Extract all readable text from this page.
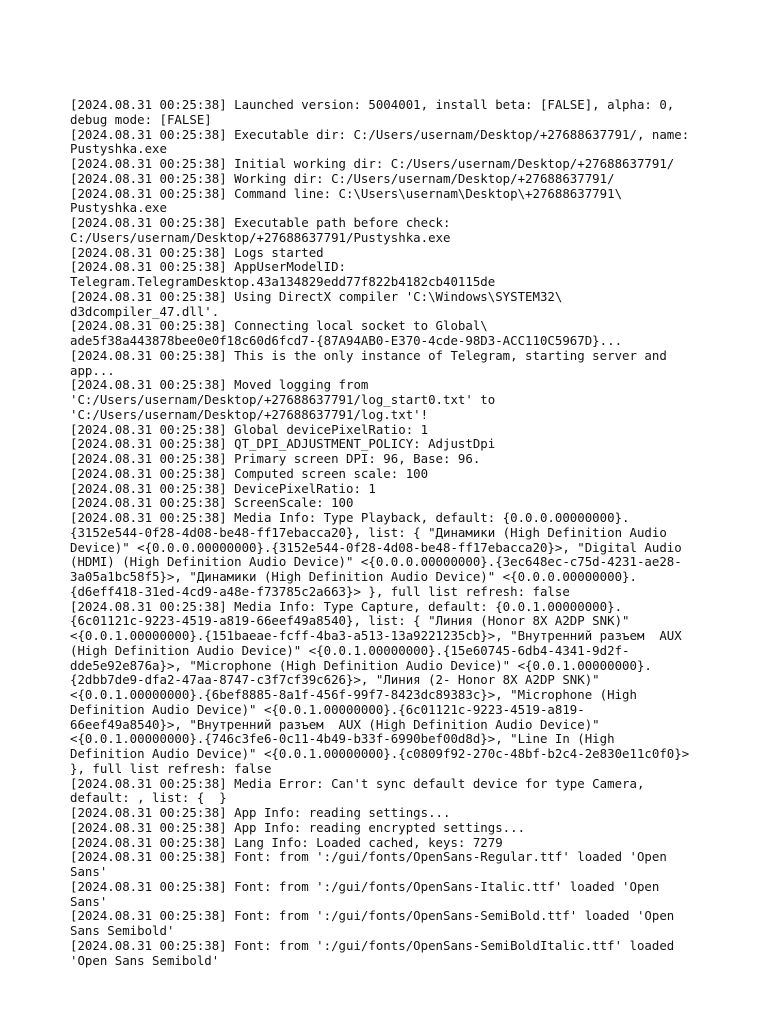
[2024.08.31 00:25:38] Launched version: 5004001, install beta: [FALSE], alpha: 0,
debug mode: [FALSE]

[2024.08.31 00:25:38] Executable dir: C:/Users/usernam/Desktop/+27688637791/, name:
Pustyshka.exe

[2024.08.31 00:25:38] Initial working dir: C:/Users/usernam/Desktop/+27688637791/

[2024.08.31 00:25:38] Working dir: C:/Users/usernam/Desktop/+27688637791/

[2024.08.31 00:25:38] Command line: C:\Users\usernam\Desktop\+27688637791\
Pustyshka.exe

[2024.08.31 00:25:38] Executable path before check:
C:/Users/usernam/Desktop/+27688637791/Pustyshka.exe

[2024.08.31 00:25:38] Logs started

[2024.08.31 00:25:38] AppUserModelID:
Telegram.TelegramDesktop.43a134829edd77f822b4182cb40115de

[2024.08.31 00:25:38] Using DirectX compiler 'C:\Windows\SYSTEM32\
d3dcompiler_47.dll'.

[2024.08.31 00:25:38] Connecting local socket to Global\
ade5f38a443878bee0e0f18c60d6fcd7-{87A94AB0-E370-4cde-98D3-ACC110C5967D}...

[2024.08.31 00:25:38] This is the only instance of Telegram, starting server and
app...

[2024.08.31 00:25:38] Moved logging from
'C:/Users/usernam/Desktop/+27688637791/log_start0.txt' to
'C:/Users/usernam/Desktop/+27688637791/log.txt'!

[2024.08.31 00:25:38] Global devicePixelRatio: 1

[2024.08.31 00:25:38] QT_DPI_ADJUSTMENT_POLICY: AdjustDpi

[2024.08.31 00:25:38] Primary screen DPI: 96, Base: 96.

[2024.08.31 00:25:38] Computed screen scale: 100

[2024.08.31 00:25:38] DevicePixelRatio: 1

[2024.08.31 00:25:38] ScreenScale: 100

[2024.08.31 00:25:38] Media Info: Type Playback, default: {0.0.0.00000000}.
{3152e544-0f28-4d08-be48-ff17ebacca20}, list: { "Динамики (High Definition Audio
Device)" <{0.0.0.00000000}.{3152e544-0f28-4d08-be48-ff17ebacca20}>, "Digital Audio
(HDMI) (High Definition Audio Device)" <{0.0.0.00000000}.{3ec648ec-c75d-4231-ae28-
3a05a1bc58f5}>, "Динамики (High Definition Audio Device)" <{0.0.0.00000000}.
{d6eff418-31ed-4cd9-a48e-f73785c2a663}> }, full list refresh: false

[2024.08.31 00:25:38] Media Info: Type Capture, default: {0.0.1.00000000}.
{6c01121c-9223-4519-a819-66eef49a8540}, list: { "Линия (Honor 8X A2DP SNK)"
<{0.0.1.00000000}.{151baeae-fcff-4ba3-a513-13a9221235cb}>, "Внутренний разъем  AUX
(High Definition Audio Device)" <{0.0.1.00000000}.{15e60745-6db4-4341-9d2f-
dde5e92e876a}>, "Microphone (High Definition Audio Device)" <{0.0.1.00000000}.
{2dbb7de9-dfa2-47aa-8747-c3f7cf39c626}>, "Линия (2- Honor 8X A2DP SNK)"
<{0.0.1.00000000}.{6bef8885-8a1f-456f-99f7-8423dc89383c}>, "Microphone (High
Definition Audio Device)" <{0.0.1.00000000}.{6c01121c-9223-4519-a819-
66eef49a8540}>, "Внутренний разъем  AUX (High Definition Audio Device)"
<{0.0.1.00000000}.{746c3fe6-0c11-4b49-b33f-6990bef00d8d}>, "Line In (High
Definition Audio Device)" <{0.0.1.00000000}.{c0809f92-270c-48bf-b2c4-2e830e11c0f0}>
}, full list refresh: false

[2024.08.31 00:25:38] Media Error: Can't sync default device for type Camera,
default: , list: {  }

[2024.08.31 00:25:38] App Info: reading settings...

[2024.08.31 00:25:38] App Info: reading encrypted settings...

[2024.08.31 00:25:38] Lang Info: Loaded cached, keys: 7279

[2024.08.31 00:25:38] Font: from ':/gui/fonts/OpenSans-Regular.ttf' loaded 'Open
Sans'

[2024.08.31 00:25:38] Font: from ':/gui/fonts/OpenSans-Italic.ttf' loaded 'Open
Sans'

[2024.08.31 00:25:38] Font: from ':/gui/fonts/OpenSans-SemiBold.ttf' loaded 'Open
Sans Semibold'

[2024.08.31 00:25:38] Font: from ':/gui/fonts/OpenSans-SemiBoldItalic.ttf' loaded
'Open Sans Semibold'
